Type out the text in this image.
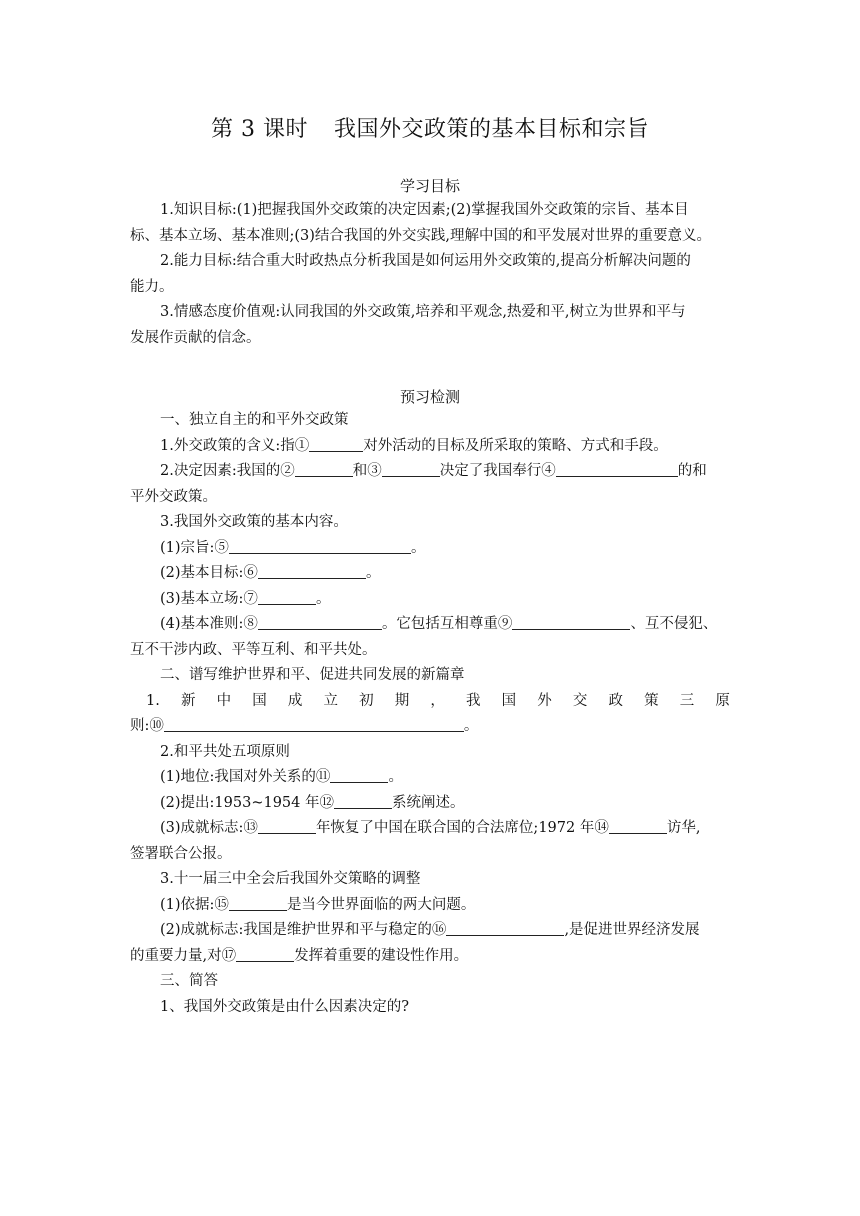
第 3 课时 我国外交政策的基本目标和宗旨
学习目标
1.知识目标:(1)把握我国外交政策的决定因素;(2)掌握我国外交政策的宗旨、基本目
标、基本立场、基本准则;(3)结合我国的外交实践,理解中国的和平发展对世界的重要意义。
2.能力目标:结合重大时政热点分析我国是如何运用外交政策的,提高分析解决问题的
能力。
3.情感态度价值观:认同我国的外交政策,培养和平观念,热爱和平,树立为世界和平与
发展作贡献的信念。
预习检测
一、独立自主的和平外交政策
1.外交政策的含义:指①	对外活动的目标及所采取的策略、方式和手段。
2.决定因素:我国的②	和③	决定了我国奉行④	的和
平外交政策。
3.我国外交政策的基本内容。
(1)宗旨:⑤	。
(2)基本目标:⑥	。
(3)基本立场:⑦	。
(4)基本准则:⑧	。它包括互相尊重⑨	、互不侵犯、
互不干涉内政、平等互利、和平共处。
二、谱写维护世界和平、促进共同发展的新篇章
1. 新 中 国 成 立 初 期 ， 我 国 外 交 政 策 三 原
则:⑩	。
2.和平共处五项原则
(1)地位:我国对外关系的⑪	。
(2)提出:1953~1954 年⑫	系统阐述。
(3)成就标志:⑬	年恢复了中国在联合国的合法席位;1972 年⑭	访华,
签署联合公报。
3.十一届三中全会后我国外交策略的调整
(1)依据:⑮	是当今世界面临的两大问题。
(2)成就标志:我国是维护世界和平与稳定的⑯	,是促进世界经济发展
的重要力量,对⑰	发挥着重要的建设性作用。
三、简答
1、我国外交政策是由什么因素决定的?
